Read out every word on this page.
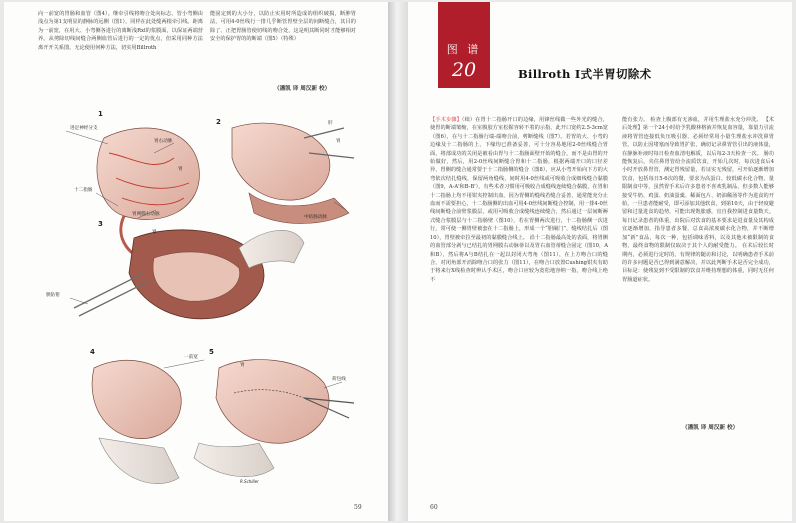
向一前宽的胃肠和血管（图4）。继牵引线将吻合处向标志，管小弯侧由浅点为第1支明显的静脉的远侧（图1），同样在此处缝两根牵引线。距离为一前宽，在用大、小弯侧各进行的离断浅Rxl的浆膜面，以保证两端营养。从剪除切线间缝合两侧血管后进行的一定的优点，但采用同种方法离开开关系图，无论使用何种方法，切实用Billroth
能固定到的大小分，以防止实用时所造成的组织破损，断肿胃法，可用4-0丝线行一排几乎断管胃壁全层的间断缝合，其目的除了、正把胃肠管使切线的吻合处，这是明其断同时才能够相对安全的保护胃的的断端（图5）（特殊）
（潘凯 译 周汉新 校）
1
进足神经分支
胃右动脉
胃
十二指肠
胃网膜右动脉
2	肝
胃
中结肠动脉
3
胃
胰钻钳
4
一前宽
5
胃
荷包线
R.Schiller
59
图 谱
20	Billroth Ⅰ式半胃切除术
【手术步骤】（续）在胃十二指肠开口的边缘，用锋丝线做一些外光的缝合，使胃的断端皱缩，在室腹胶方室松握容转不着的示指，此开口宽约2.5-3cm宽（图6），在与十二指肠行端-端吻合前，剪断缝线（图7）。若胃的大、小弯的边缘及十二指肠的上、下缘均已准备妥善，可十分容易地用2-0丝线缝合胃面，将部成功的关闭是被看由胃与十二指肠面壁开始的缝合，而不是由胃的开始做好，然后，用2-0丝线间断缝合胃和十二指肠，根据两端开口的口径差异，胃侧的缝合通常要于十二指肠侧的缝合（图8），应从小弯开始向下方的大弯依次结扎缝线，保留两角缝线，间时用4-0丝线或可吸收合成细线缝合黏膜（图9，A-A'和B-B'），有些术者习惯用可吸收合成缝线连续缝合黏膜，在胃和十二指肠上均不用钳夹控制出血，因为胃侧的缝线若缝合妥善，通常能充分止血而不需要担心，十二指肠侧的出血可用4-0丝线间断缝合控制，用一排4-0丝线间断缝合前壁浆膜层，或用可吸收合成缝线连续缝合，然后通过一层间断褥式缝合浆膜层与十二指肠壁（图10），若在胃侧两次进行，十二指肠侧一次进行，常可使一侧胃壁被套在十二指肠上，形成一个“胆阑门”，缝线结扎后（图10），胃壁被牵拉至最初的黏膜缝合线上。 沿十二指肠最高处的表面，将胃侧的血管部分剥与已结扎的胃网膜右动脉蒂以及胃右血管蒂缝合固定（图10，A和B），然后将A与B结扎在一起以封闭大弯角（图11），在上方吻合口的缝合，对闭角部开消除吻合口的张力（图11），在吻合口放置Cushing钳夹有助于将来行X线检查时辨认手术区，吻合口应较为宽松地容纳一指，吻合线上绝不
能有张力。 检查上腹部有无渗血，并用生理盐水充分冲洗。 【术后处理】第一个24小时给予乳酸林格液并恢复血容量，靠量力引流液将胃管连接低负压吸引器，必须经常用小量生理盐水冲洗鼻胃管，以防止因堵塞而导致胃扩张，确切记录鼻胃管引出的液体量，在静脉补液时每日检查血清电解质，以后每2-3天检查一次。 肠功能恢复后，夹住鼻胃管给全流质饮食，开始几次时，每次进食后4小时开放鼻胃管，测定胃残留量，若证实无残留，可开始逐渐增加饮食，包括每日5-6次的餐，要求为高蛋白、较低碳水化合物、量限制食中等，虽然胃手术后许多患者不喜欢乳制品，但多数人能够接受牛奶、鸡蛋、奶油蛋羹、稀面包片、奶油稀汤等作为进食的开始，一旦患者能耐受，即可添加其他软食，到第10天，由于轻度避留和过量进食的趋势，可能出现饱胀感，宜自我控制进食量数天。 每日记录患者的体重，出院后对饮食的基本要求是进食量及其构成宜逐渐增加，指导患者多餐，总食高浓度碳水化合物，并不断增加“新”食品，每次一种，包括调味香料，以及其他未被限制的食物，最终食物的限制仅取决于其个人的耐受能力。 在术后较长时期内，必须进行定时的，有规律的随访和讨论，以明确患者手术前的许多问题是否已得到满意解决，并以此判断手术是否完全成功，目标是：使残复到不受限制的饮食并维持理想的体重，同时无任何胃肠道症状。
（潘凯 译 周汉新 校）
60
